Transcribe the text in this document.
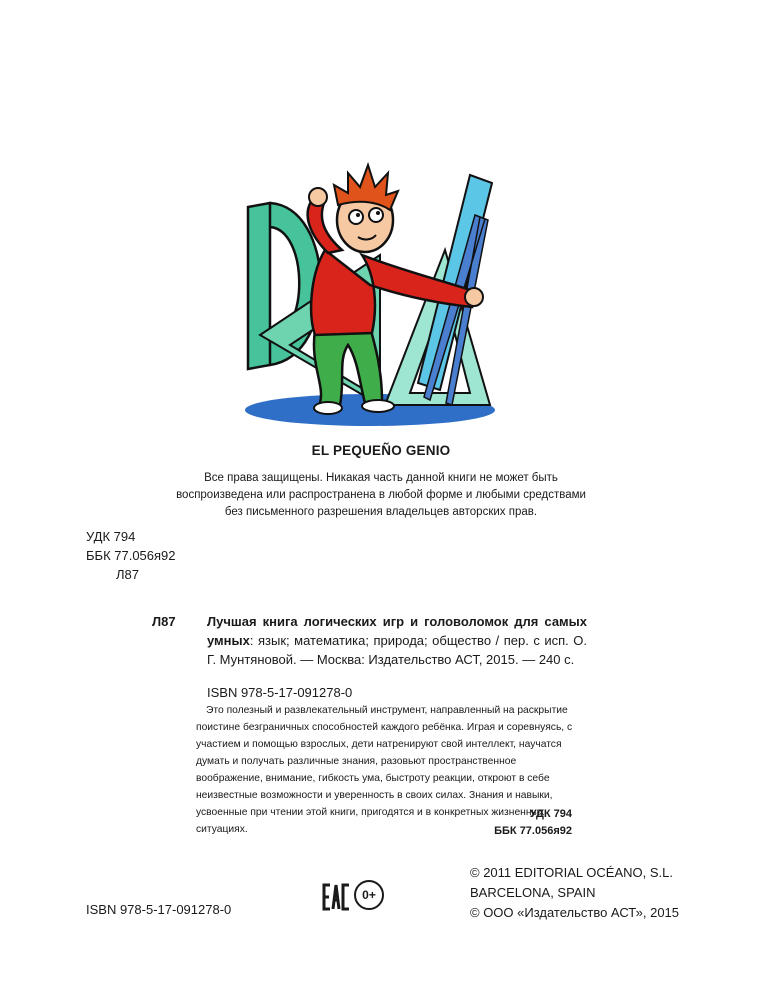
EL PEQUEÑO GENIO
Все права защищены. Никакая часть данной книги не может быть
воспроизведена или распространена в любой форме и любыми средствами
без письменного разрешения владельцев авторских прав.
УДК 794
ББК 77.056я92
Л87
Л87 Лучшая книга логических игр и головоломок для самых умных: язык; математика; природа; общество / пер. с исп. О. Г. Мунтяновой. — Москва: Издательство АСТ, 2015. — 240 с.
ISBN 978-5-17-091278-0

Это полезный и развлекательный инструмент, направленный на раскрытие поистине безграничных способностей каждого ребёнка. Играя и соревнуясь, с участием и помощью взрослых, дети натренируют свой интеллект, научатся думать и получать различные знания, разовьют пространственное воображение, внимание, гибкость ума, быстроту реакции, откроют в себе неизвестные возможности и уверенность в своих силах. Знания и навыки, усвоенные при чтении этой книги, пригодятся и в конкретных жизненных ситуациях.

УДК 794
ББК 77.056я92
ISBN 978-5-17-091278-0
0+
© 2011 EDITORIAL OCÉANO, S.L.
BARCELONA, SPAIN
© ООО «Издательство АСТ», 2015
